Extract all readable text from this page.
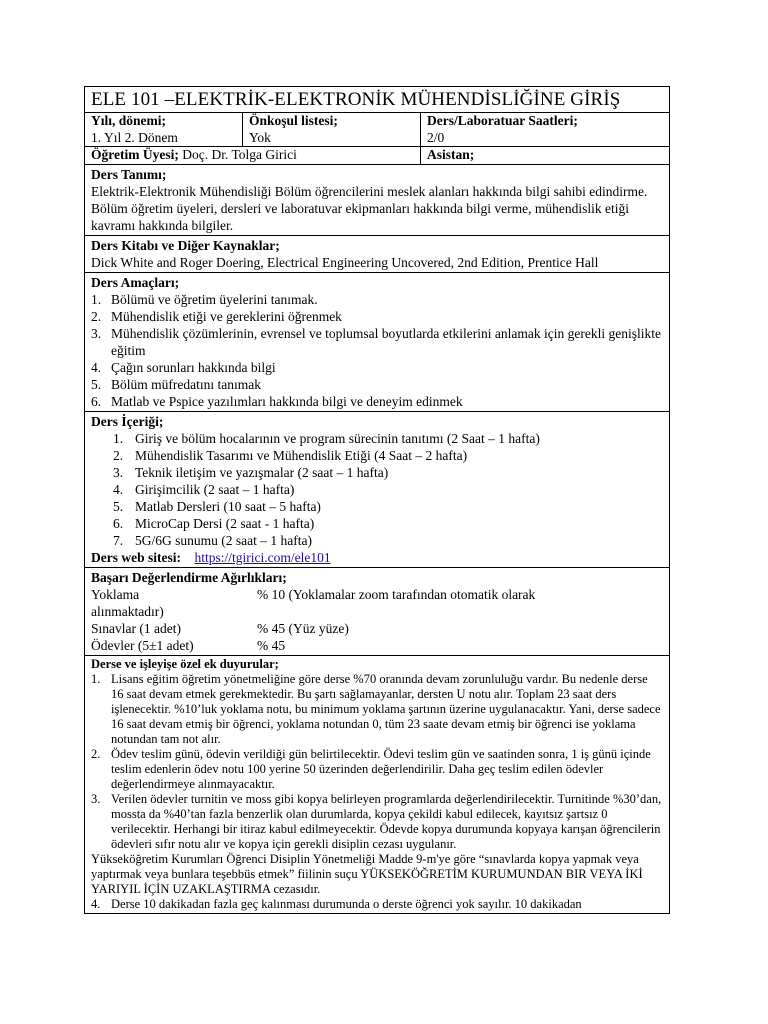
ELE 101 –ELEKTRİK-ELEKTRONİK MÜHENDİSLİĞİNE GİRİŞ
Yılı, dönemi;
1. Yıl 2. Dönem
Önkoşul listesi;
Yok
Ders/Laboratuar Saatleri;
2/0
Öğretim Üyesi; Doç. Dr. Tolga Girici	Asistan;

Ders Tanımı;

Elektrik-Elektronik Mühendisliği Bölüm öğrencilerini meslek alanları hakkında bilgi sahibi edindirme. Bölüm öğretim üyeleri, dersleri ve laboratuvar ekipmanları hakkında bilgi verme, mühendislik etiği kavramı hakkında bilgiler.

Ders Kitabı ve Diğer Kaynaklar;

Dick White and Roger Doering, Electrical Engineering Uncovered, 2nd Edition, Prentice Hall

Ders Amaçları;

1. Bölümü ve öğretim üyelerini tanımak.
2. Mühendislik etiği ve gereklerini öğrenmek
3. Mühendislik çözümlerinin, evrensel ve toplumsal boyutlarda etkilerini anlamak için gerekli genişlikte eğitim
4. Çağın sorunları hakkında bilgi
5. Bölüm müfredatını tanımak
6. Matlab ve Pspice yazılımları hakkında bilgi ve deneyim edinmek

Ders İçeriği;

1. Giriş ve bölüm hocalarının ve program sürecinin tanıtımı (2 Saat – 1 hafta)
2. Mühendislik Tasarımı ve Mühendislik Etiği (4 Saat – 2 hafta)
3. Teknik iletişim ve yazışmalar (2 saat – 1 hafta)
4. Girişimcilik (2 saat – 1 hafta)
5. Matlab Dersleri (10 saat – 5 hafta)
6. MicroCap Dersi (2 saat - 1 hafta)
7. 5G/6G sunumu (2 saat – 1 hafta)

Ders web sitesi: https://tgirici.com/ele101

Başarı Değerlendirme Ağırlıkları;

Yoklama	% 10 (Yoklamalar zoom tarafından otomatik olarak
alınmaktadır)
Sınavlar (1 adet)	% 45 (Yüz yüze)
Ödevler (5±1 adet)	% 45

Derse ve işleyişe özel ek duyurular;

1. Lisans eğitim öğretim yönetmeliğine göre derse %70 oranında devam zorunluluğu vardır. Bu nedenle derse 16 saat devam etmek gerekmektedir. Bu şartı sağlamayanlar, dersten U notu alır. Toplam 23 saat ders işlenecektir. %10’luk yoklama notu, bu minimum yoklama şartının üzerine uygulanacaktır. Yani, derse sadece 16 saat devam etmiş bir öğrenci, yoklama notundan 0, tüm 23 saate devam etmiş bir öğrenci ise yoklama notundan tam not alır.
2. Ödev teslim günü, ödevin verildiği gün belirtilecektir. Ödevi teslim gün ve saatinden sonra, 1 iş günü içinde teslim edenlerin ödev notu 100 yerine 50 üzerinden değerlendirilir. Daha geç teslim edilen ödevler değerlendirmeye alınmayacaktır.
3. Verilen ödevler turnitin ve moss gibi kopya belirleyen programlarda değerlendirilecektir. Turnitinde %30’dan, mossta da %40’tan fazla benzerlik olan durumlarda, kopya çekildi kabul edilecek, kayıtsız şartsız 0 verilecektir. Herhangi bir itiraz kabul edilmeyecektir. Ödevde kopya durumunda kopyaya karışan öğrencilerin ödevleri sıfır notu alır ve kopya için gerekli disiplin cezası uygulanır.

Yükseköğretim Kurumları Öğrenci Disiplin Yönetmeliği Madde 9-m'ye göre “sınavlarda kopya yapmak veya yaptırmak veya bunlara teşebbüs etmek” fiilinin suçu YÜKSEKÖĞRETİM KURUMUNDAN BIR VEYA İKİ YARIYIL İÇİN UZAKLAŞTIRMA cezasıdır.

4. Derse 10 dakikadan fazla geç kalınması durumunda o derste öğrenci yok sayılır. 10 dakikadan
